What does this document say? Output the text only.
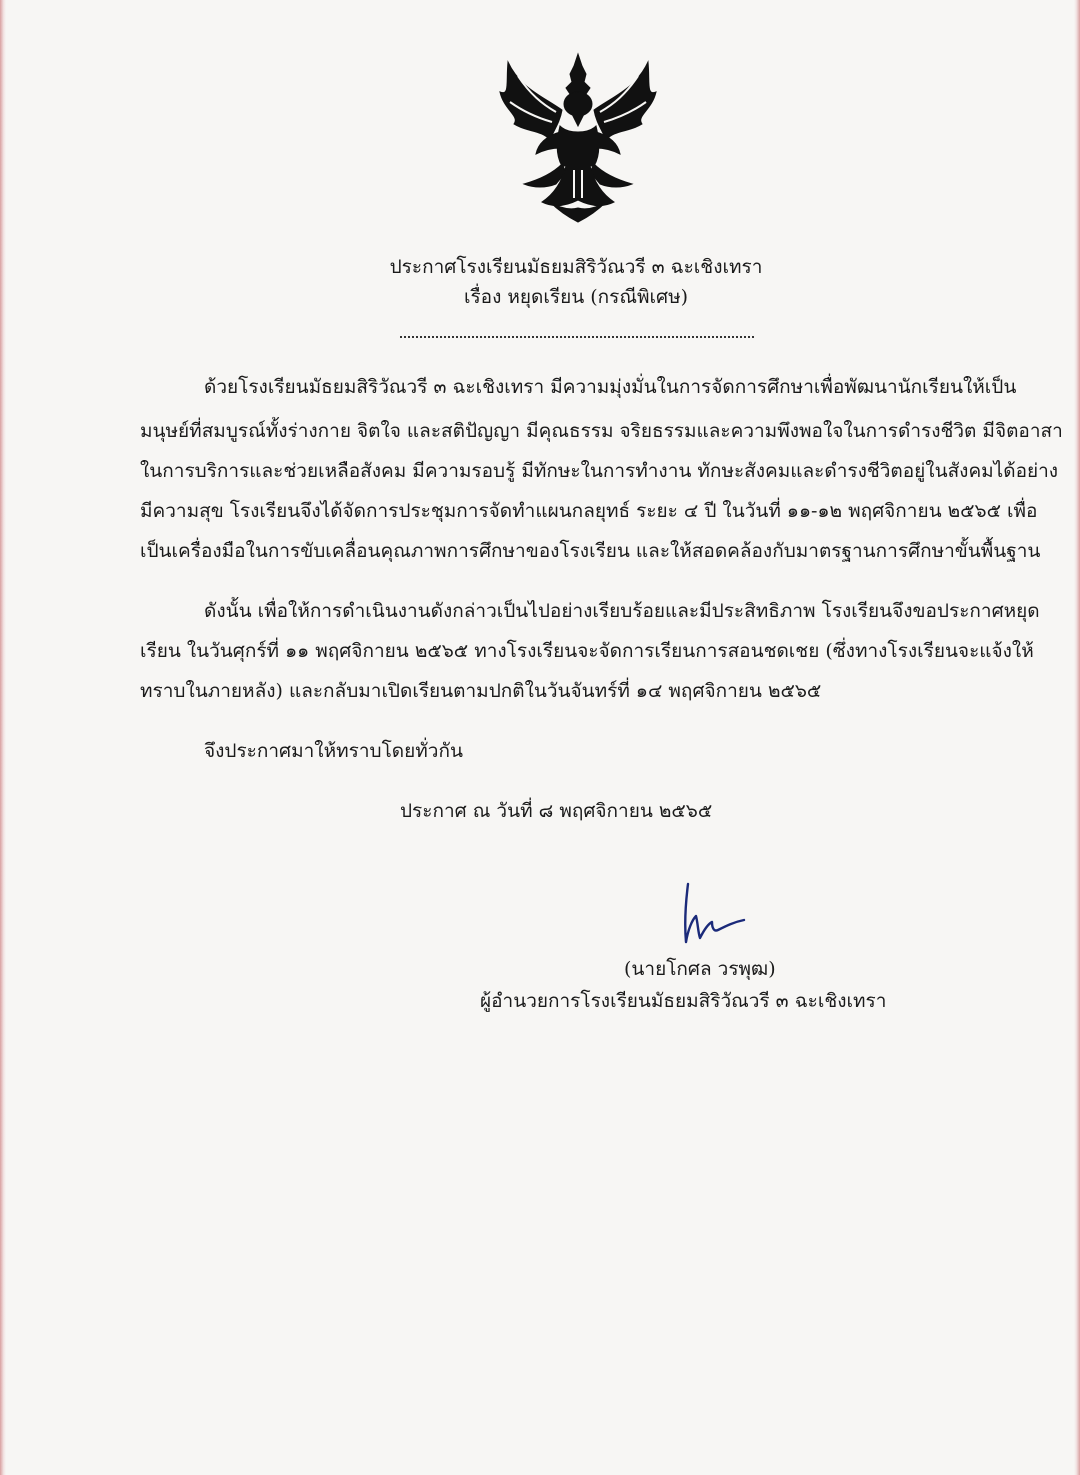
ประกาศโรงเรียนมัธยมสิริวัณวรี ๓ ฉะเชิงเทรา
เรื่อง หยุดเรียน (กรณีพิเศษ)
ด้วยโรงเรียนมัธยมสิริวัณวรี ๓ ฉะเชิงเทรา มีความมุ่งมั่นในการจัดการศึกษาเพื่อพัฒนานักเรียนให้เป็น
มนุษย์ที่สมบูรณ์ทั้งร่างกาย จิตใจ และสติปัญญา มีคุณธรรม จริยธรรมและความพึงพอใจในการดำรงชีวิต มีจิตอาสา
ในการบริการและช่วยเหลือสังคม มีความรอบรู้ มีทักษะในการทำงาน ทักษะสังคมและดำรงชีวิตอยู่ในสังคมได้อย่าง
มีความสุข โรงเรียนจึงได้จัดการประชุมการจัดทำแผนกลยุทธ์ ระยะ ๔ ปี ในวันที่ ๑๑-๑๒ พฤศจิกายน ๒๕๖๕ เพื่อ
เป็นเครื่องมือในการขับเคลื่อนคุณภาพการศึกษาของโรงเรียน และให้สอดคล้องกับมาตรฐานการศึกษาขั้นพื้นฐาน
ดังนั้น เพื่อให้การดำเนินงานดังกล่าวเป็นไปอย่างเรียบร้อยและมีประสิทธิภาพ โรงเรียนจึงขอประกาศหยุด
เรียน ในวันศุกร์ที่ ๑๑ พฤศจิกายน ๒๕๖๕ ทางโรงเรียนจะจัดการเรียนการสอนชดเชย (ซึ่งทางโรงเรียนจะแจ้งให้
ทราบในภายหลัง) และกลับมาเปิดเรียนตามปกติในวันจันทร์ที่ ๑๔ พฤศจิกายน ๒๕๖๕
จึงประกาศมาให้ทราบโดยทั่วกัน
ประกาศ ณ วันที่ ๘ พฤศจิกายน ๒๕๖๕
(นายโกศล วรพุฒ)
ผู้อำนวยการโรงเรียนมัธยมสิริวัณวรี ๓ ฉะเชิงเทรา
